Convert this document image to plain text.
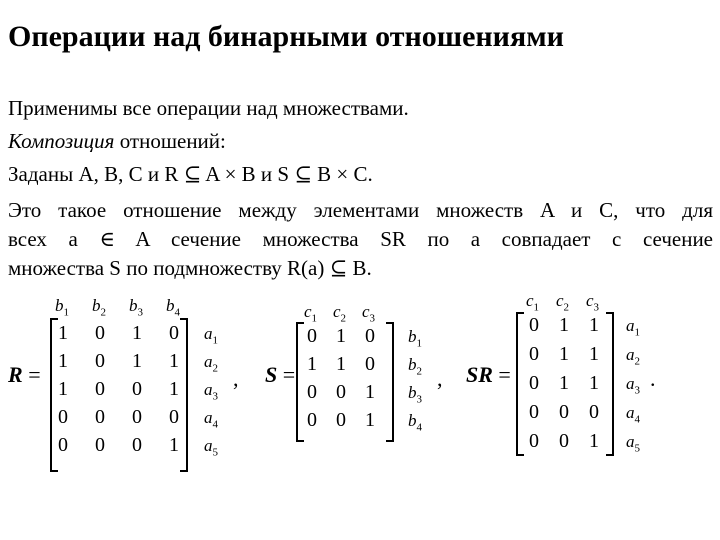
Операции над бинарными отношениями
Применимы все операции над множествами.
Композиция отношений:
Заданы A, B, C и R ⊆ A × B и S ⊆ B × C.
Это такое отношение между элементами множеств A и C, что для
всех a ∈ A сечение множества SR по a совпадает с сечение
множества S по подмножеству R(a) ⊆ B.
R =	, S =	, SR =	.
$b_1$ $b_2$ $b_3$ $b_4$
1 0 1 0 $a_1$
1 0 1 1 $a_2$
1 0 0 1 $a_3$
0 0 0 0 $a_4$
0 0 0 1 $a_5$
$c_1$ $c_2$ $c_3$
0 1 0 $b_1$
1 1 0 $b_2$
0 0 1 $b_3$
0 0 1 $b_4$
$c_1$ $c_2$ $c_3$
0 1 1 $a_1$
0 1 1 $a_2$
0 1 1 $a_3$
0 0 0 $a_4$
0 0 1 $a_5$
